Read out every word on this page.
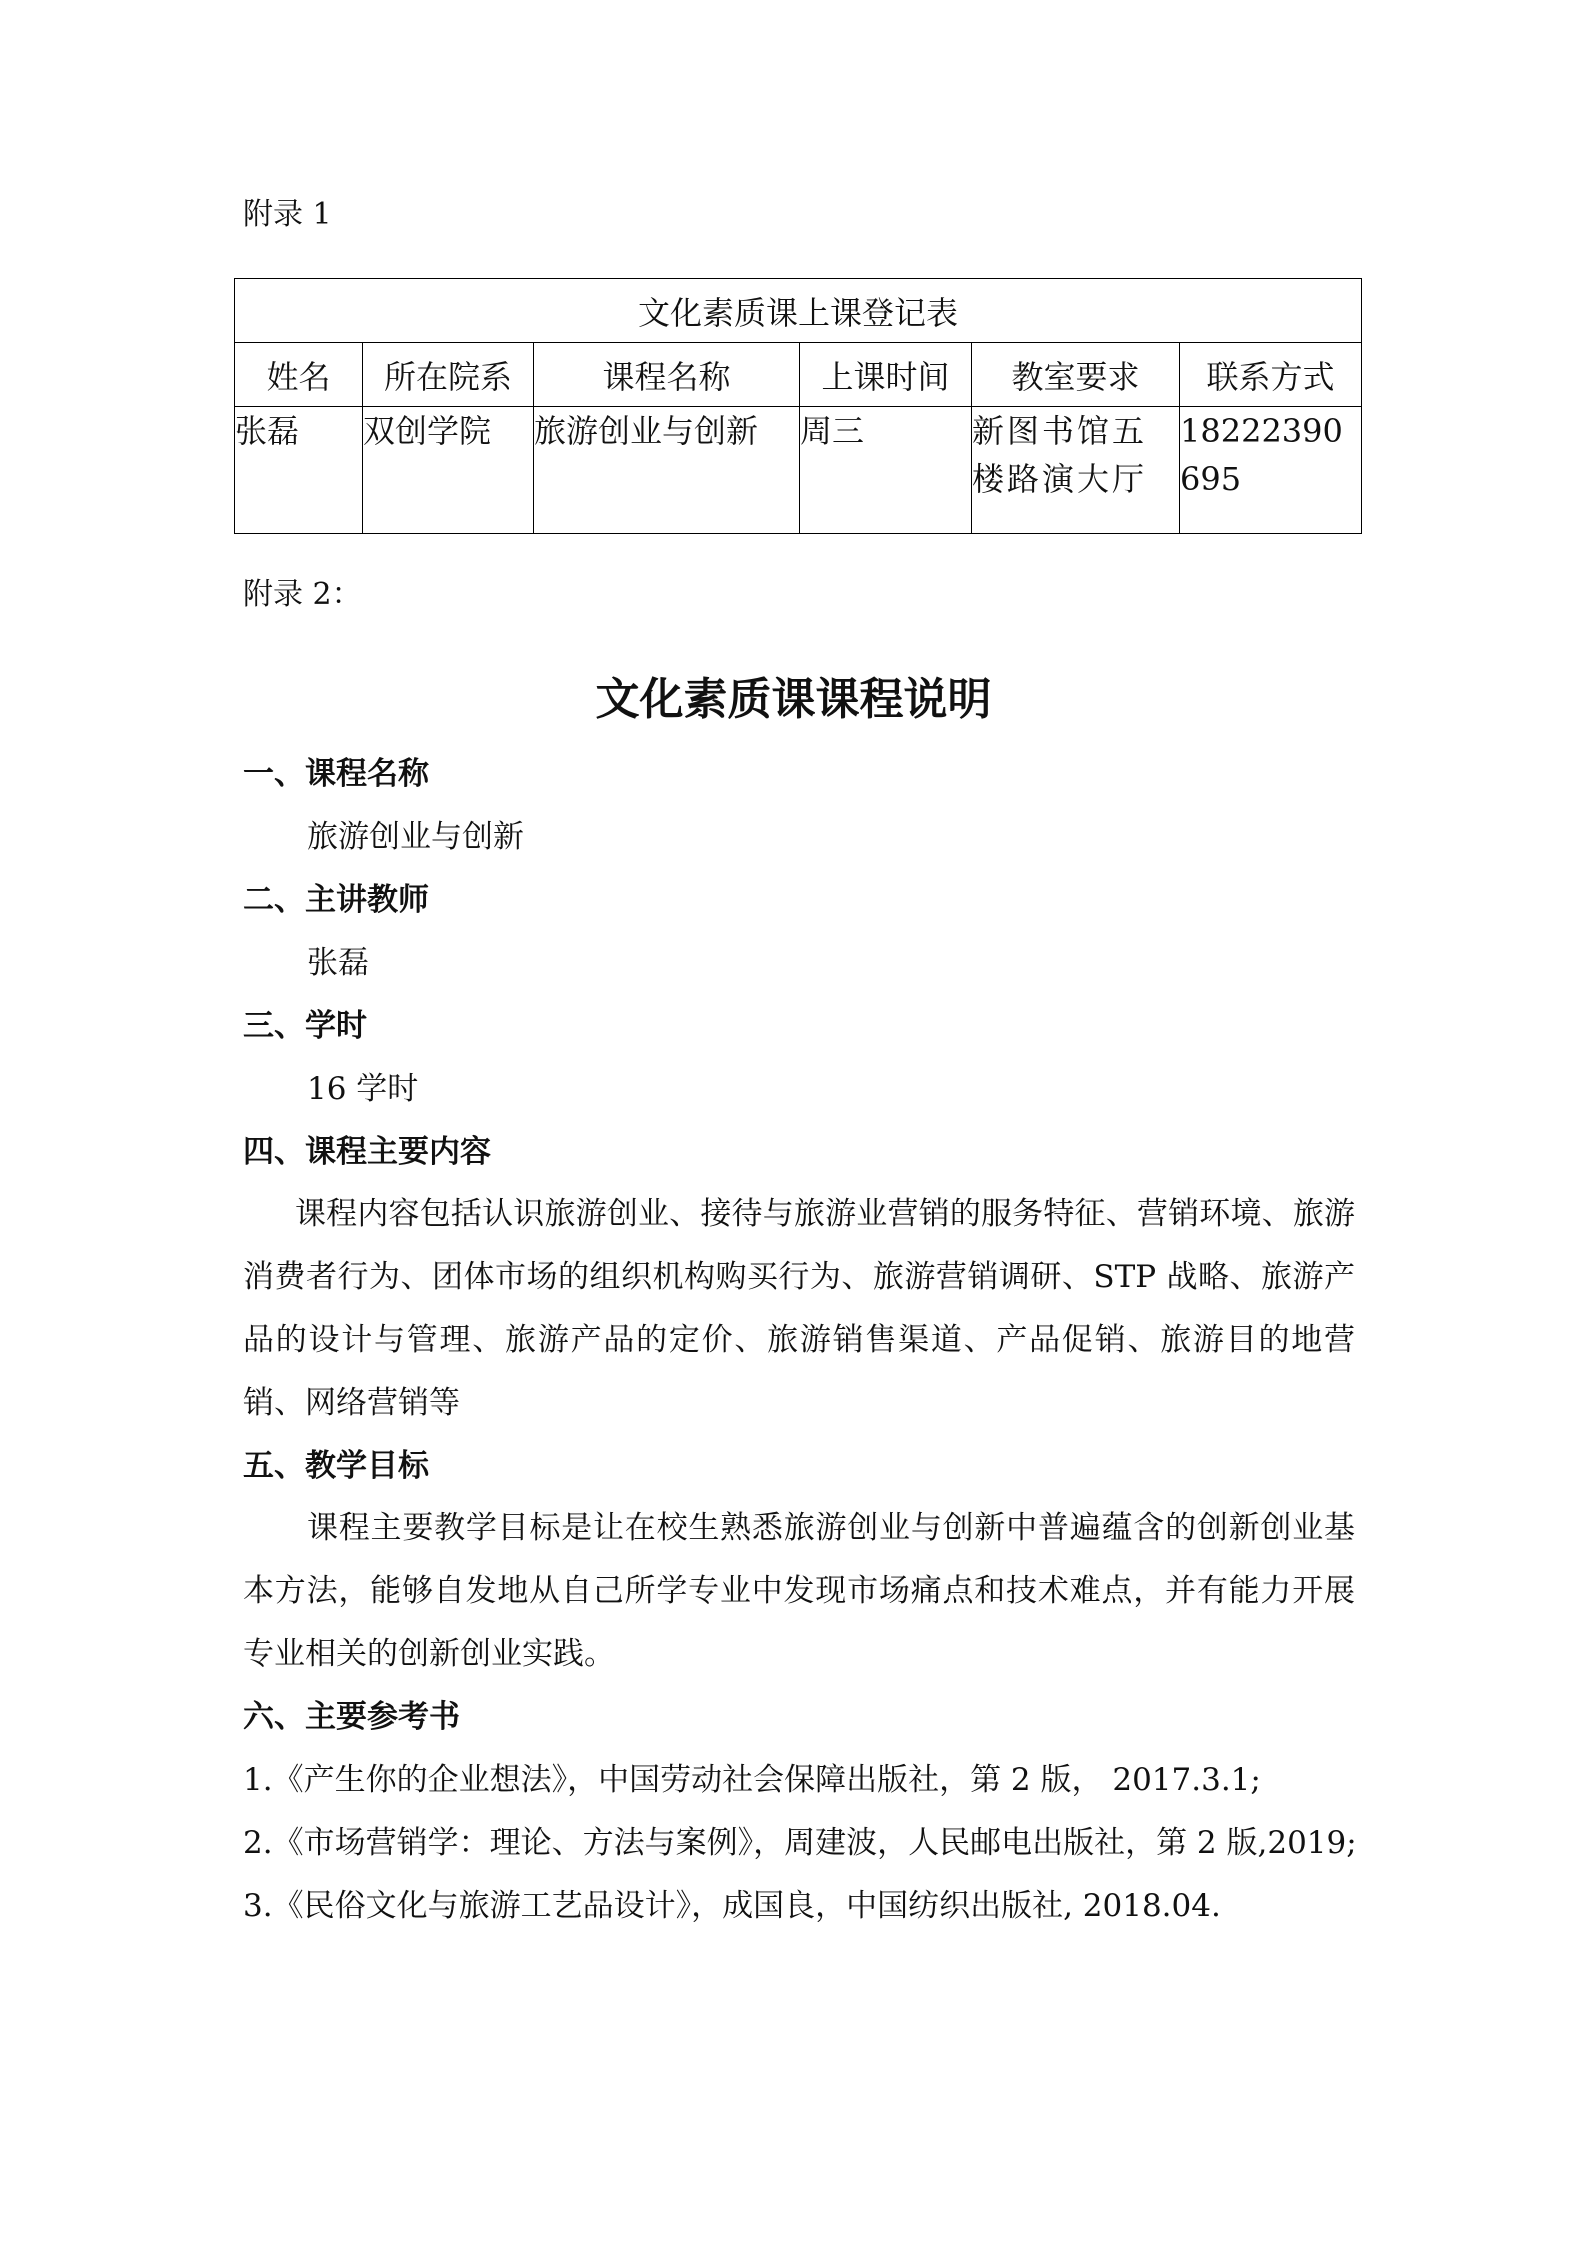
附录 1
文化素质课上课登记表					
姓名	所在院系	课程名称	上课时间	教室要求	联系方式
张磊	双创学院	旅游创业与创新	周三	新图书馆五楼路演大厅	18222390695
附录 2：
文化素质课课程说明
一、课程名称
旅游创业与创新
二、主讲教师
张磊
三、学时
16 学时
四、课程主要内容
课程内容包括认识旅游创业、接待与旅游业营销的服务特征、营销环境、旅游消费者行为、团体市场的组织机构购买行为、旅游营销调研、STP 战略、旅游产品的设计与管理、旅游产品的定价、旅游销售渠道、产品促销、旅游目的地营销、网络营销等
五、教学目标
课程主要教学目标是让在校生熟悉旅游创业与创新中普遍蕴含的创新创业基本方法，能够自发地从自己所学专业中发现市场痛点和技术难点，并有能力开展专业相关的创新创业实践。
六、主要参考书
1.《产生你的企业想法》，中国劳动社会保障出版社，第 2 版， 2017.3.1;
2.《市场营销学：理论、方法与案例》，周建波，人民邮电出版社，第 2 版,2019;
3.《民俗文化与旅游工艺品设计》，成国良，中国纺织出版社, 2018.04.
